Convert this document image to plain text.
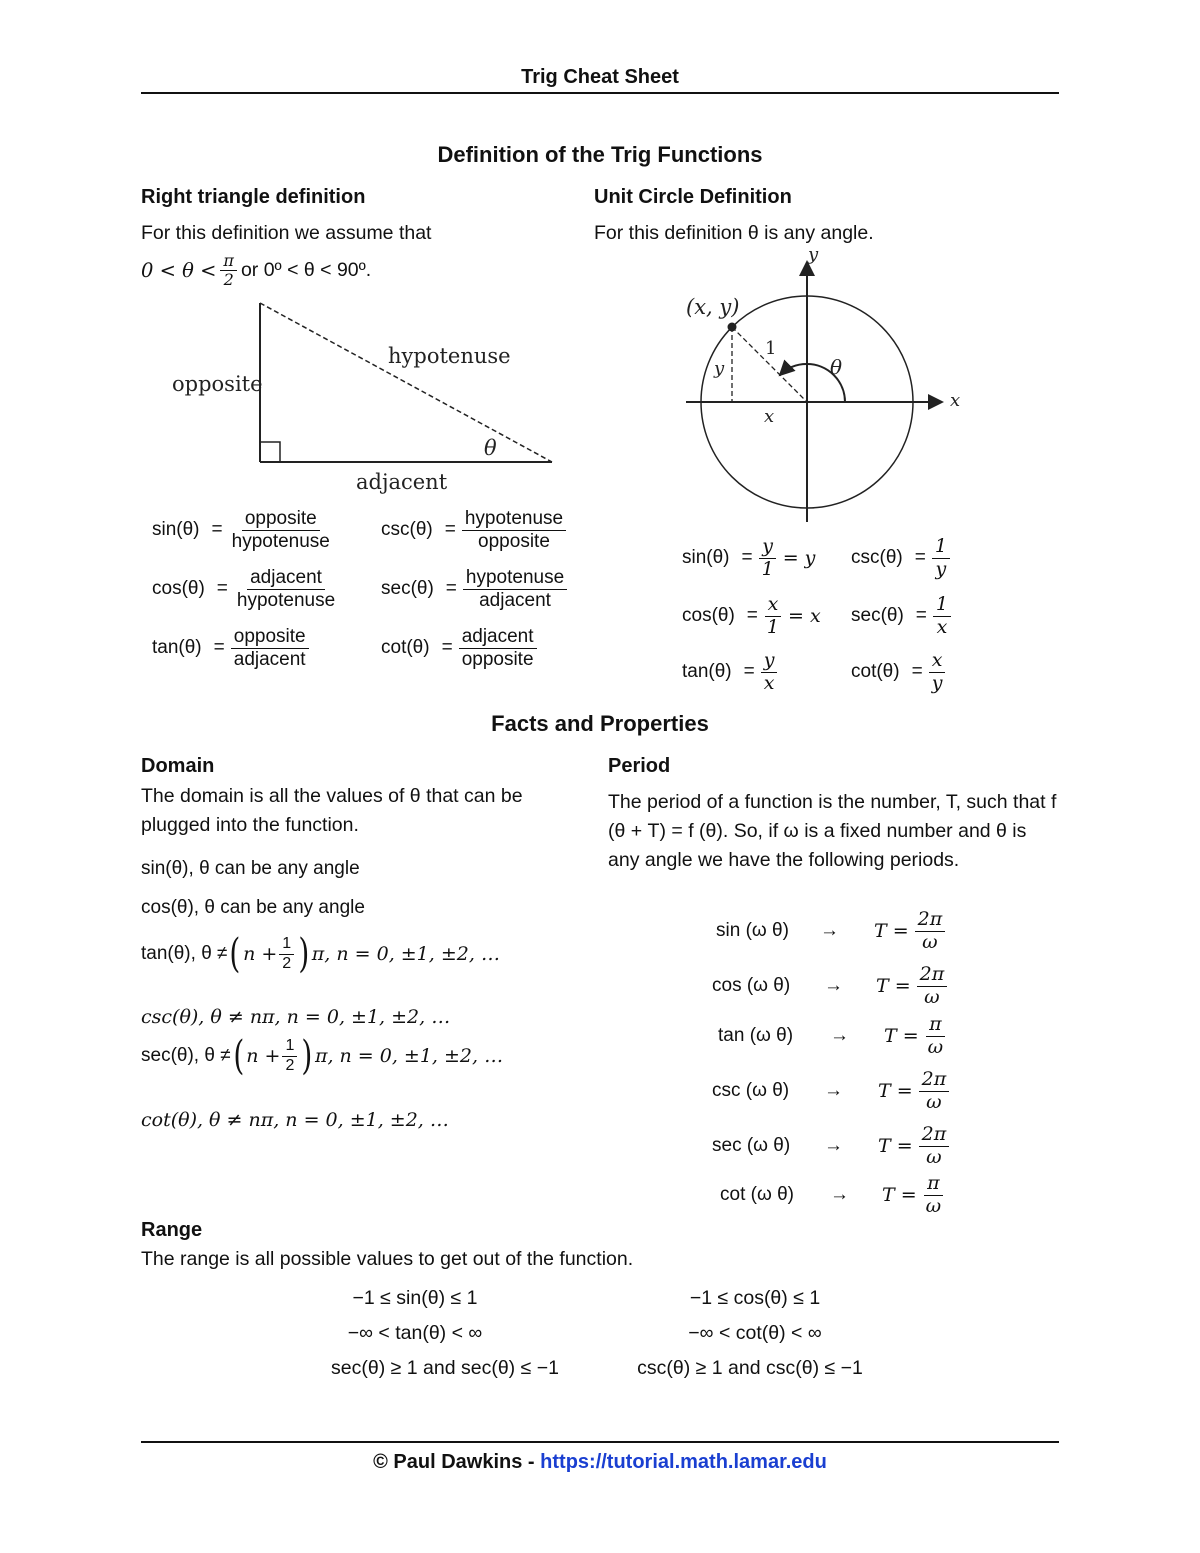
Trig Cheat Sheet
Definition of the Trig Functions
Right triangle definition
For this definition we assume that
$0 < \theta < \frac{\pi}{2}$ or 0º < θ < 90º.
opposite
hypotenuse
adjacent
θ
$\sin(\theta) = \frac{\text{opposite}}{\text{hypotenuse}}$	$\csc(\theta) = \frac{\text{hypotenuse}}{\text{opposite}}$
$\cos(\theta) = \frac{\text{adjacent}}{\text{hypotenuse}} \sec(\theta) = \frac{\text{hypotenuse}}{\text{adjacent}}$
$\tan(\theta) = \frac{\text{opposite}}{\text{adjacent}}$	$\cot(\theta) = \frac{\text{adjacent}}{\text{opposite}}$
Unit Circle Definition
For this definition θ is any angle.
(x, y)
1
y
x
θ
x
y
$\sin(\theta) = \frac{y}{1} = y$ $\csc(\theta) = \frac{1}{y}$
$\cos(\theta) = \frac{x}{1} = x$ $\sec(\theta) = \frac{1}{x}$
$\tan(\theta) = \frac{y}{x}$	$\cot(\theta) = \frac{x}{y}$
Facts and Properties
Domain
The domain is all the values of θ that can be plugged into the function.
sin(θ), θ can be any angle
cos(θ), θ can be any angle
tan(θ), θ ≠ ( $n + \frac{1}{2}$ ) π, n = 0, ±1, ±2, …
csc(θ), θ ≠ nπ, n = 0, ±1, ±2, …
sec(θ), θ ≠ ( $n + \frac{1}{2}$ ) π, n = 0, ±1, ±2, …
cot(θ), θ ≠ nπ, n = 0, ±1, ±2, …
Period
The period of a function is the number, T, such that f (θ + T) = f (θ). So, if ω is a fixed number and θ is any angle we have the following periods.
sin (ω θ)	→	$T = \frac{2\pi}{\omega}$
cos (ω θ)	→	$T = \frac{2\pi}{\omega}$
tan (ω θ)	→	$T = \frac{\pi}{\omega}$
csc (ω θ)	→	$T = \frac{2\pi}{\omega}$
sec (ω θ)	→	$T = \frac{2\pi}{\omega}$
cot (ω θ)	→	$T = \frac{\pi}{\omega}$
Range
The range is all possible values to get out of the function.
−1 ≤ sin(θ) ≤ 1	−1 ≤ cos(θ) ≤ 1
−∞ < tan(θ) < ∞	−∞ < cot(θ) < ∞
sec(θ) ≥ 1 and sec(θ) ≤ −1	csc(θ) ≥ 1 and csc(θ) ≤ −1
© Paul Dawkins - https://tutorial.math.lamar.edu
